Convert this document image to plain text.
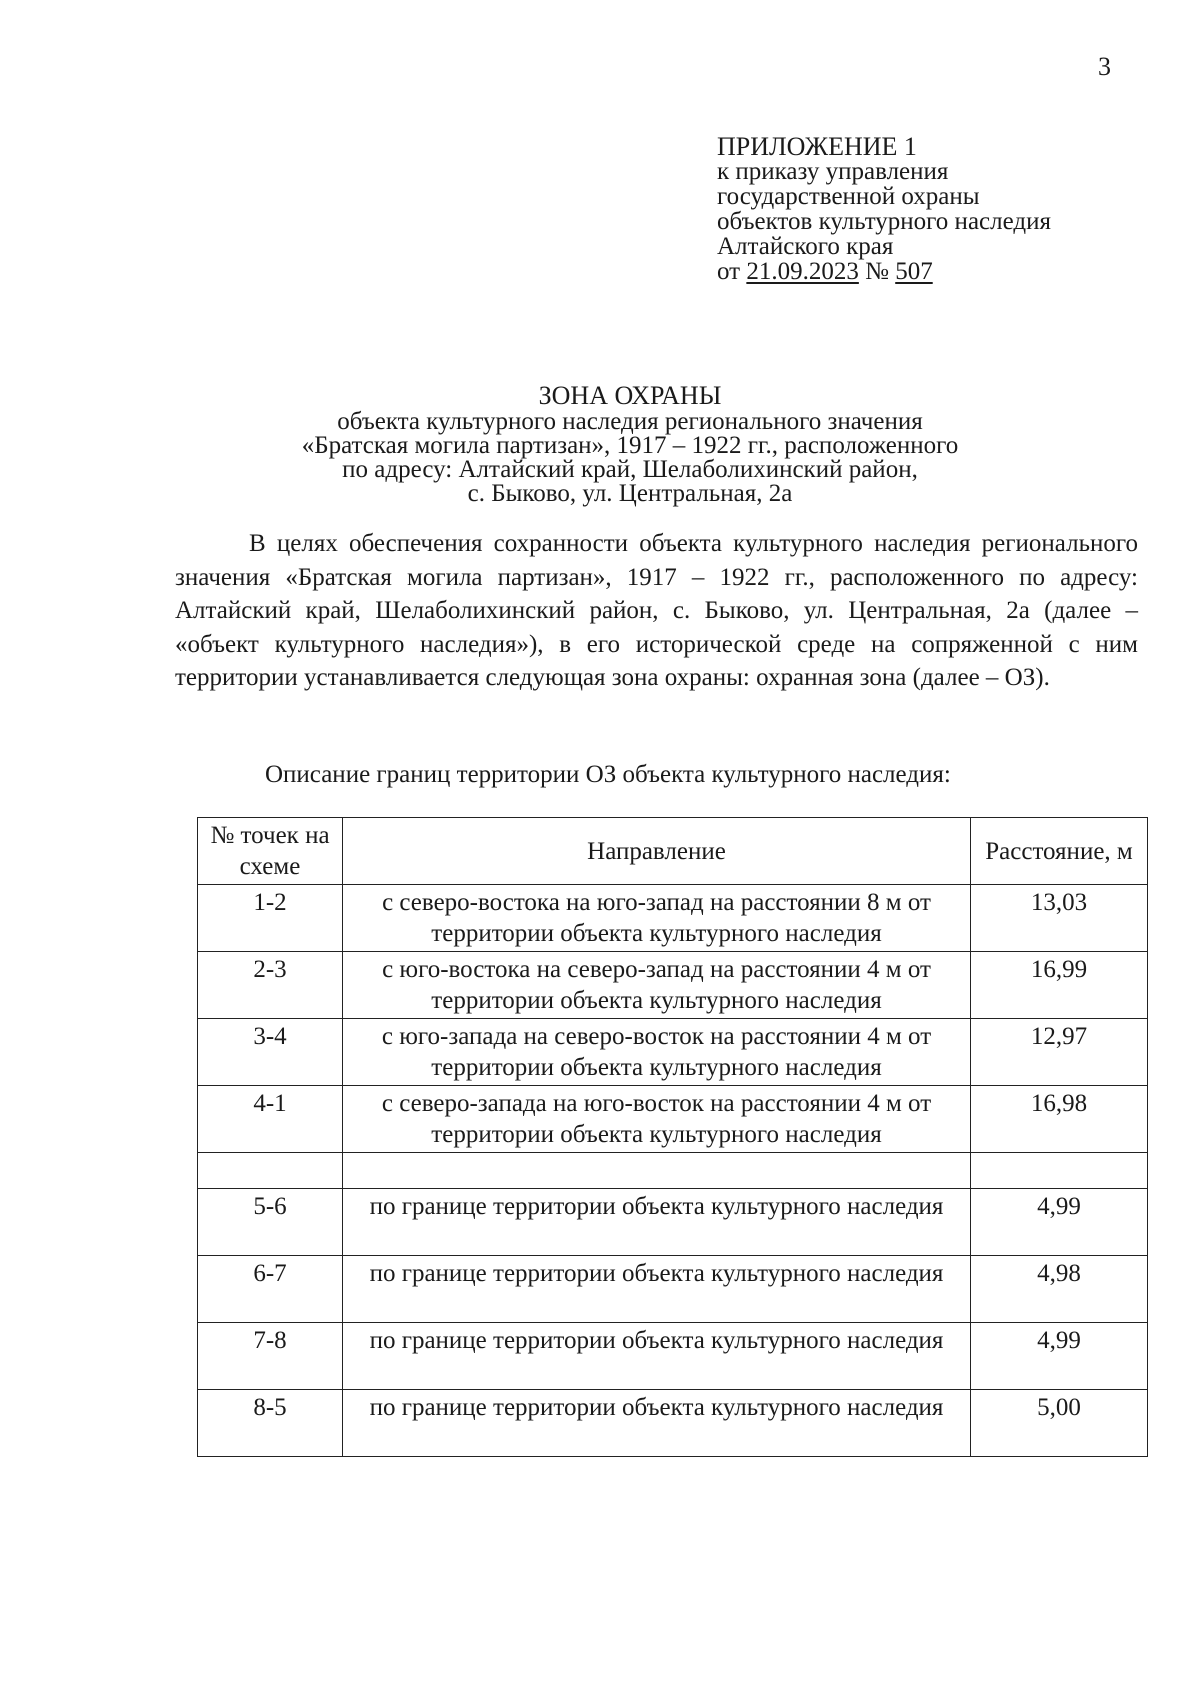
3
ПРИЛОЖЕНИЕ 1
к приказу управления
государственной охраны
объектов культурного наследия
Алтайского края
от 21.09.2023 № 507
ЗОНА ОХРАНЫ
объекта культурного наследия регионального значения
«Братская могила партизан», 1917 – 1922 гг., расположенного
по адресу: Алтайский край, Шелаболихинский район,
с. Быково, ул. Центральная, 2а
В целях обеспечения сохранности объекта культурного наследия регионального значения «Братская могила партизан», 1917 – 1922 гг., расположенного по адресу: Алтайский край, Шелаболихинский район, с. Быково, ул. Центральная, 2а (далее – «объект культурного наследия»), в его исторической среде на сопряженной с ним территории устанавливается следующая зона охраны: охранная зона (далее – ОЗ).
Описание границ территории ОЗ объекта культурного наследия:
№ точек на схеме	Направление	Расстояние, м
1-2	с северо-востока на юго-запад на расстоянии 8 м от территории объекта культурного наследия	13,03
2-3	с юго-востока на северо-запад на расстоянии 4 м от территории объекта культурного наследия	16,99
3-4	с юго-запада на северо-восток на расстоянии 4 м от территории объекта культурного наследия	12,97
4-1	с северо-запада на юго-восток на расстоянии 4 м от территории объекта культурного наследия	16,98

5-6	по границе территории объекта культурного наследия	4,99
6-7	по границе территории объекта культурного наследия	4,98
7-8	по границе территории объекта культурного наследия	4,99
8-5	по границе территории объекта культурного наследия	5,00
